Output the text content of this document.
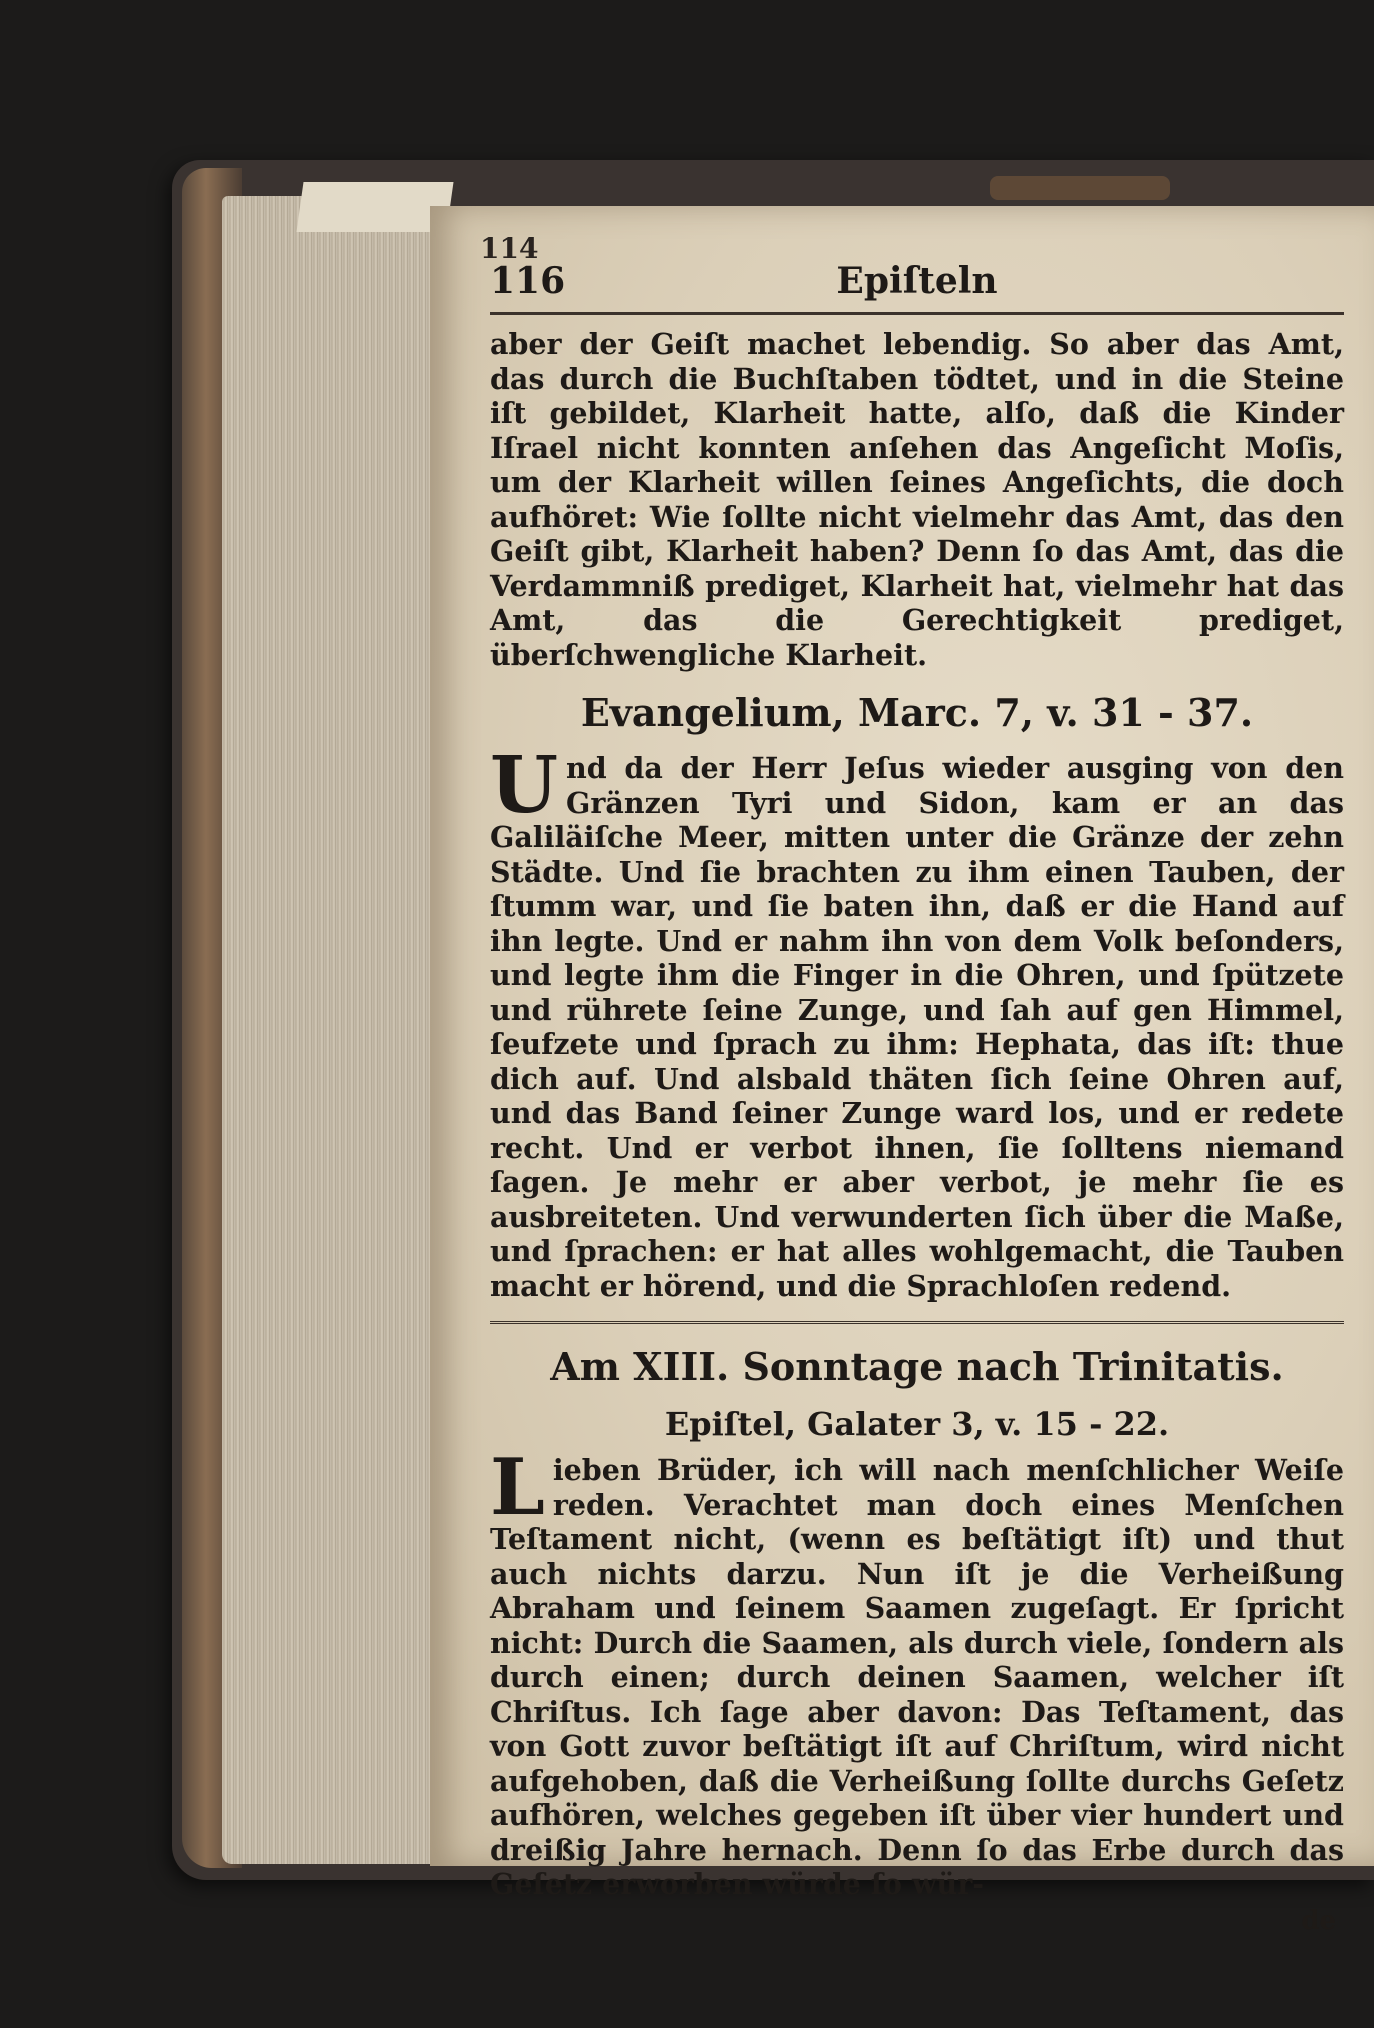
114
116	Epiſteln

aber der Geiſt machet lebendig. So aber das Amt, das durch die Buchſtaben tödtet, und in die Steine iſt gebildet, Klarheit hatte, alſo, daß die Kinder Iſrael nicht konnten anſehen das Angeſicht Moſis, um der Klarheit willen ſeines Angeſichts, die doch aufhöret: Wie ſollte nicht vielmehr das Amt, das den Geiſt gibt, Klarheit haben? Denn ſo das Amt, das die Verdammniß prediget, Klarheit hat, vielmehr hat das Amt, das die Gerechtigkeit prediget, überſchwengliche Klarheit.

Evangelium, Marc. 7, v. 31 - 37.

Und da der Herr Jeſus wieder ausging von den Gränzen Tyri und Sidon, kam er an das Galiläiſche Meer, mitten unter die Gränze der zehn Städte. Und ſie brachten zu ihm einen Tauben, der ſtumm war, und ſie baten ihn, daß er die Hand auf ihn legte. Und er nahm ihn von dem Volk beſonders, und legte ihm die Finger in die Ohren, und ſpützete und rührete ſeine Zunge, und ſah auf gen Himmel, ſeufzete und ſprach zu ihm: Hephata, das iſt: thue dich auf. Und alsbald thäten ſich ſeine Ohren auf, und das Band ſeiner Zunge ward los, und er redete recht. Und er verbot ihnen, ſie ſolltens niemand ſagen. Je mehr er aber verbot, je mehr ſie es ausbreiteten. Und verwunderten ſich über die Maße, und ſprachen: er hat alles wohlgemacht, die Tauben macht er hörend, und die Sprachloſen redend.

Am XIII. Sonntage nach Trinitatis.
Epiſtel, Galater 3, v. 15 - 22.

Lieben Brüder, ich will nach menſchlicher Weiſe reden. Verachtet man doch eines Menſchen Teſtament nicht, (wenn es beſtätigt iſt) und thut auch nichts darzu. Nun iſt je die Verheißung Abraham und ſeinem Saamen zugeſagt. Er ſpricht nicht: Durch die Saamen, als durch viele, ſondern als durch einen; durch deinen Saamen, welcher iſt Chriſtus. Ich ſage aber davon: Das Teſtament, das von Gott zuvor beſtätigt iſt auf Chriſtum, wird nicht aufgehoben, daß die Verheißung ſollte durchs Geſetz aufhören, welches gegeben iſt über vier hundert und dreißig Jahre hernach. Denn ſo das Erbe durch das Geſetz erworben würde ſo wür-

de
